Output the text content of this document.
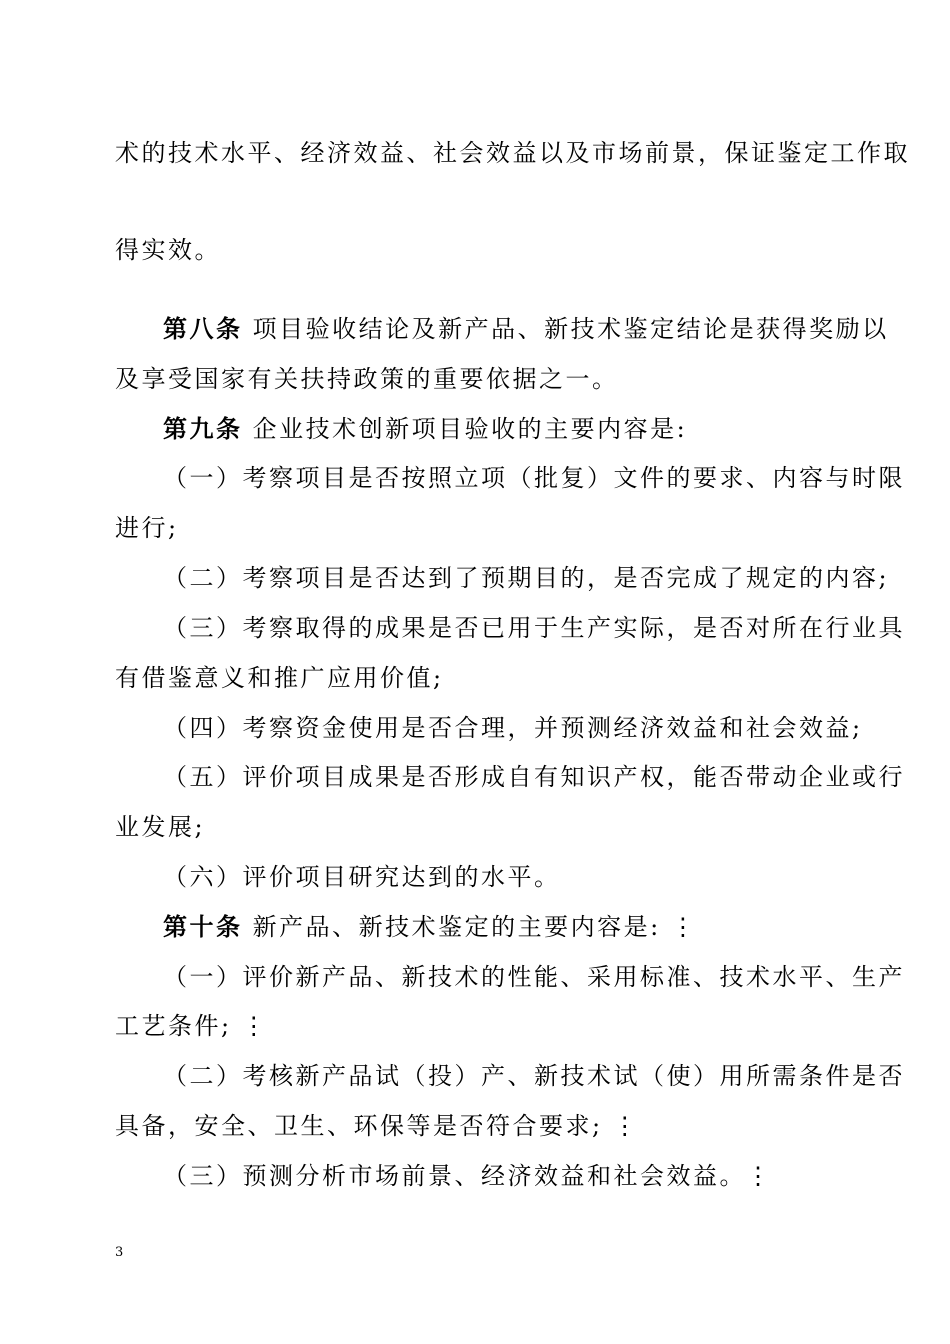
术的技术水平、经济效益、社会效益以及市场前景，保证鉴定工作取
得实效。
第八条 项目验收结论及新产品、新技术鉴定结论是获得奖励以
及享受国家有关扶持政策的重要依据之一。
第九条 企业技术创新项目验收的主要内容是:
（一）考察项目是否按照立项（批复）文件的要求、内容与时限
进行;
（二）考察项目是否达到了预期目的，是否完成了规定的内容;
（三）考察取得的成果是否已用于生产实际，是否对所在行业具
有借鉴意义和推广应用价值;
（四）考察资金使用是否合理，并预测经济效益和社会效益;
（五）评价项目成果是否形成自有知识产权，能否带动企业或行
业发展;
（六）评价项目研究达到的水平。
第十条 新产品、新技术鉴定的主要内容是: ⋮
（一）评价新产品、新技术的性能、采用标准、技术水平、生产
工艺条件; ⋮
（二）考核新产品试（投）产、新技术试（使）用所需条件是否
具备，安全、卫生、环保等是否符合要求; ⋮
（三）预测分析市场前景、经济效益和社会效益。⋮
3
